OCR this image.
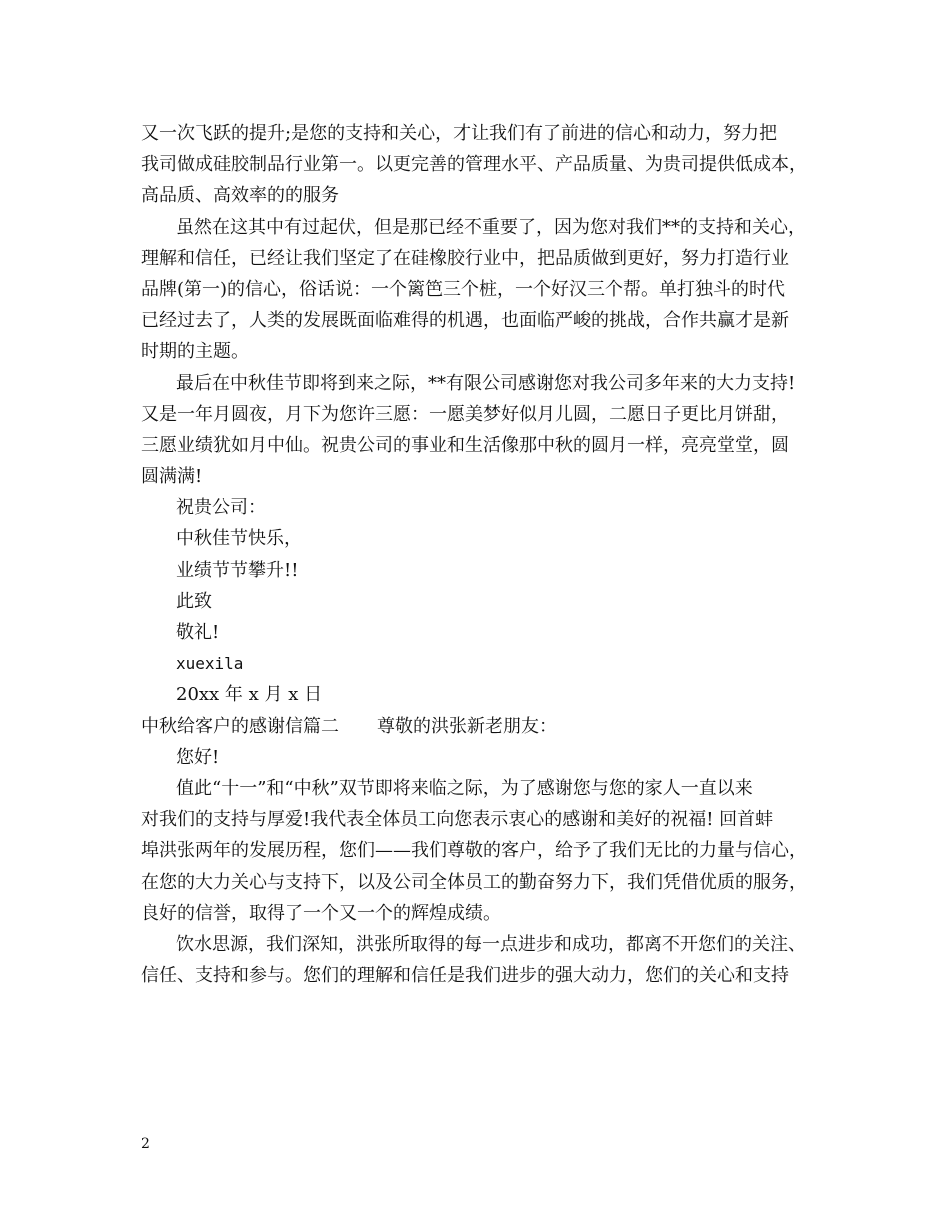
又一次飞跃的提升;是您的支持和关心，才让我们有了前进的信心和动力，努力把
我司做成硅胶制品行业第一。以更完善的管理水平、产品质量、为贵司提供低成本，
高品质、高效率的的服务
虽然在这其中有过起伏，但是那已经不重要了，因为您对我们**的支持和关心，
理解和信任，已经让我们坚定了在硅橡胶行业中，把品质做到更好，努力打造行业
品牌(第一)的信心，俗话说：一个篱笆三个桩，一个好汉三个帮。单打独斗的时代
已经过去了，人类的发展既面临难得的机遇，也面临严峻的挑战，合作共赢才是新
时期的主题。
最后在中秋佳节即将到来之际，**有限公司感谢您对我公司多年来的大力支持!
又是一年月圆夜，月下为您许三愿：一愿美梦好似月儿圆，二愿日子更比月饼甜，
三愿业绩犹如月中仙。祝贵公司的事业和生活像那中秋的圆月一样，亮亮堂堂，圆
圆满满!
祝贵公司：
中秋佳节快乐，
业绩节节攀升!!
此致
敬礼!
xuexila
20xx 年 x 月 x 日
中秋给客户的感谢信篇二 尊敬的洪张新老朋友：
您好!
值此“十一”和“中秋”双节即将来临之际，为了感谢您与您的家人一直以来
对我们的支持与厚爱!我代表全体员工向您表示衷心的感谢和美好的祝福! 回首蚌
埠洪张两年的发展历程，您们——我们尊敬的客户，给予了我们无比的力量与信心，
在您的大力关心与支持下，以及公司全体员工的勤奋努力下，我们凭借优质的服务，
良好的信誉，取得了一个又一个的辉煌成绩。
饮水思源，我们深知，洪张所取得的每一点进步和成功，都离不开您们的关注、
信任、支持和参与。您们的理解和信任是我们进步的强大动力，您们的关心和支持
2
